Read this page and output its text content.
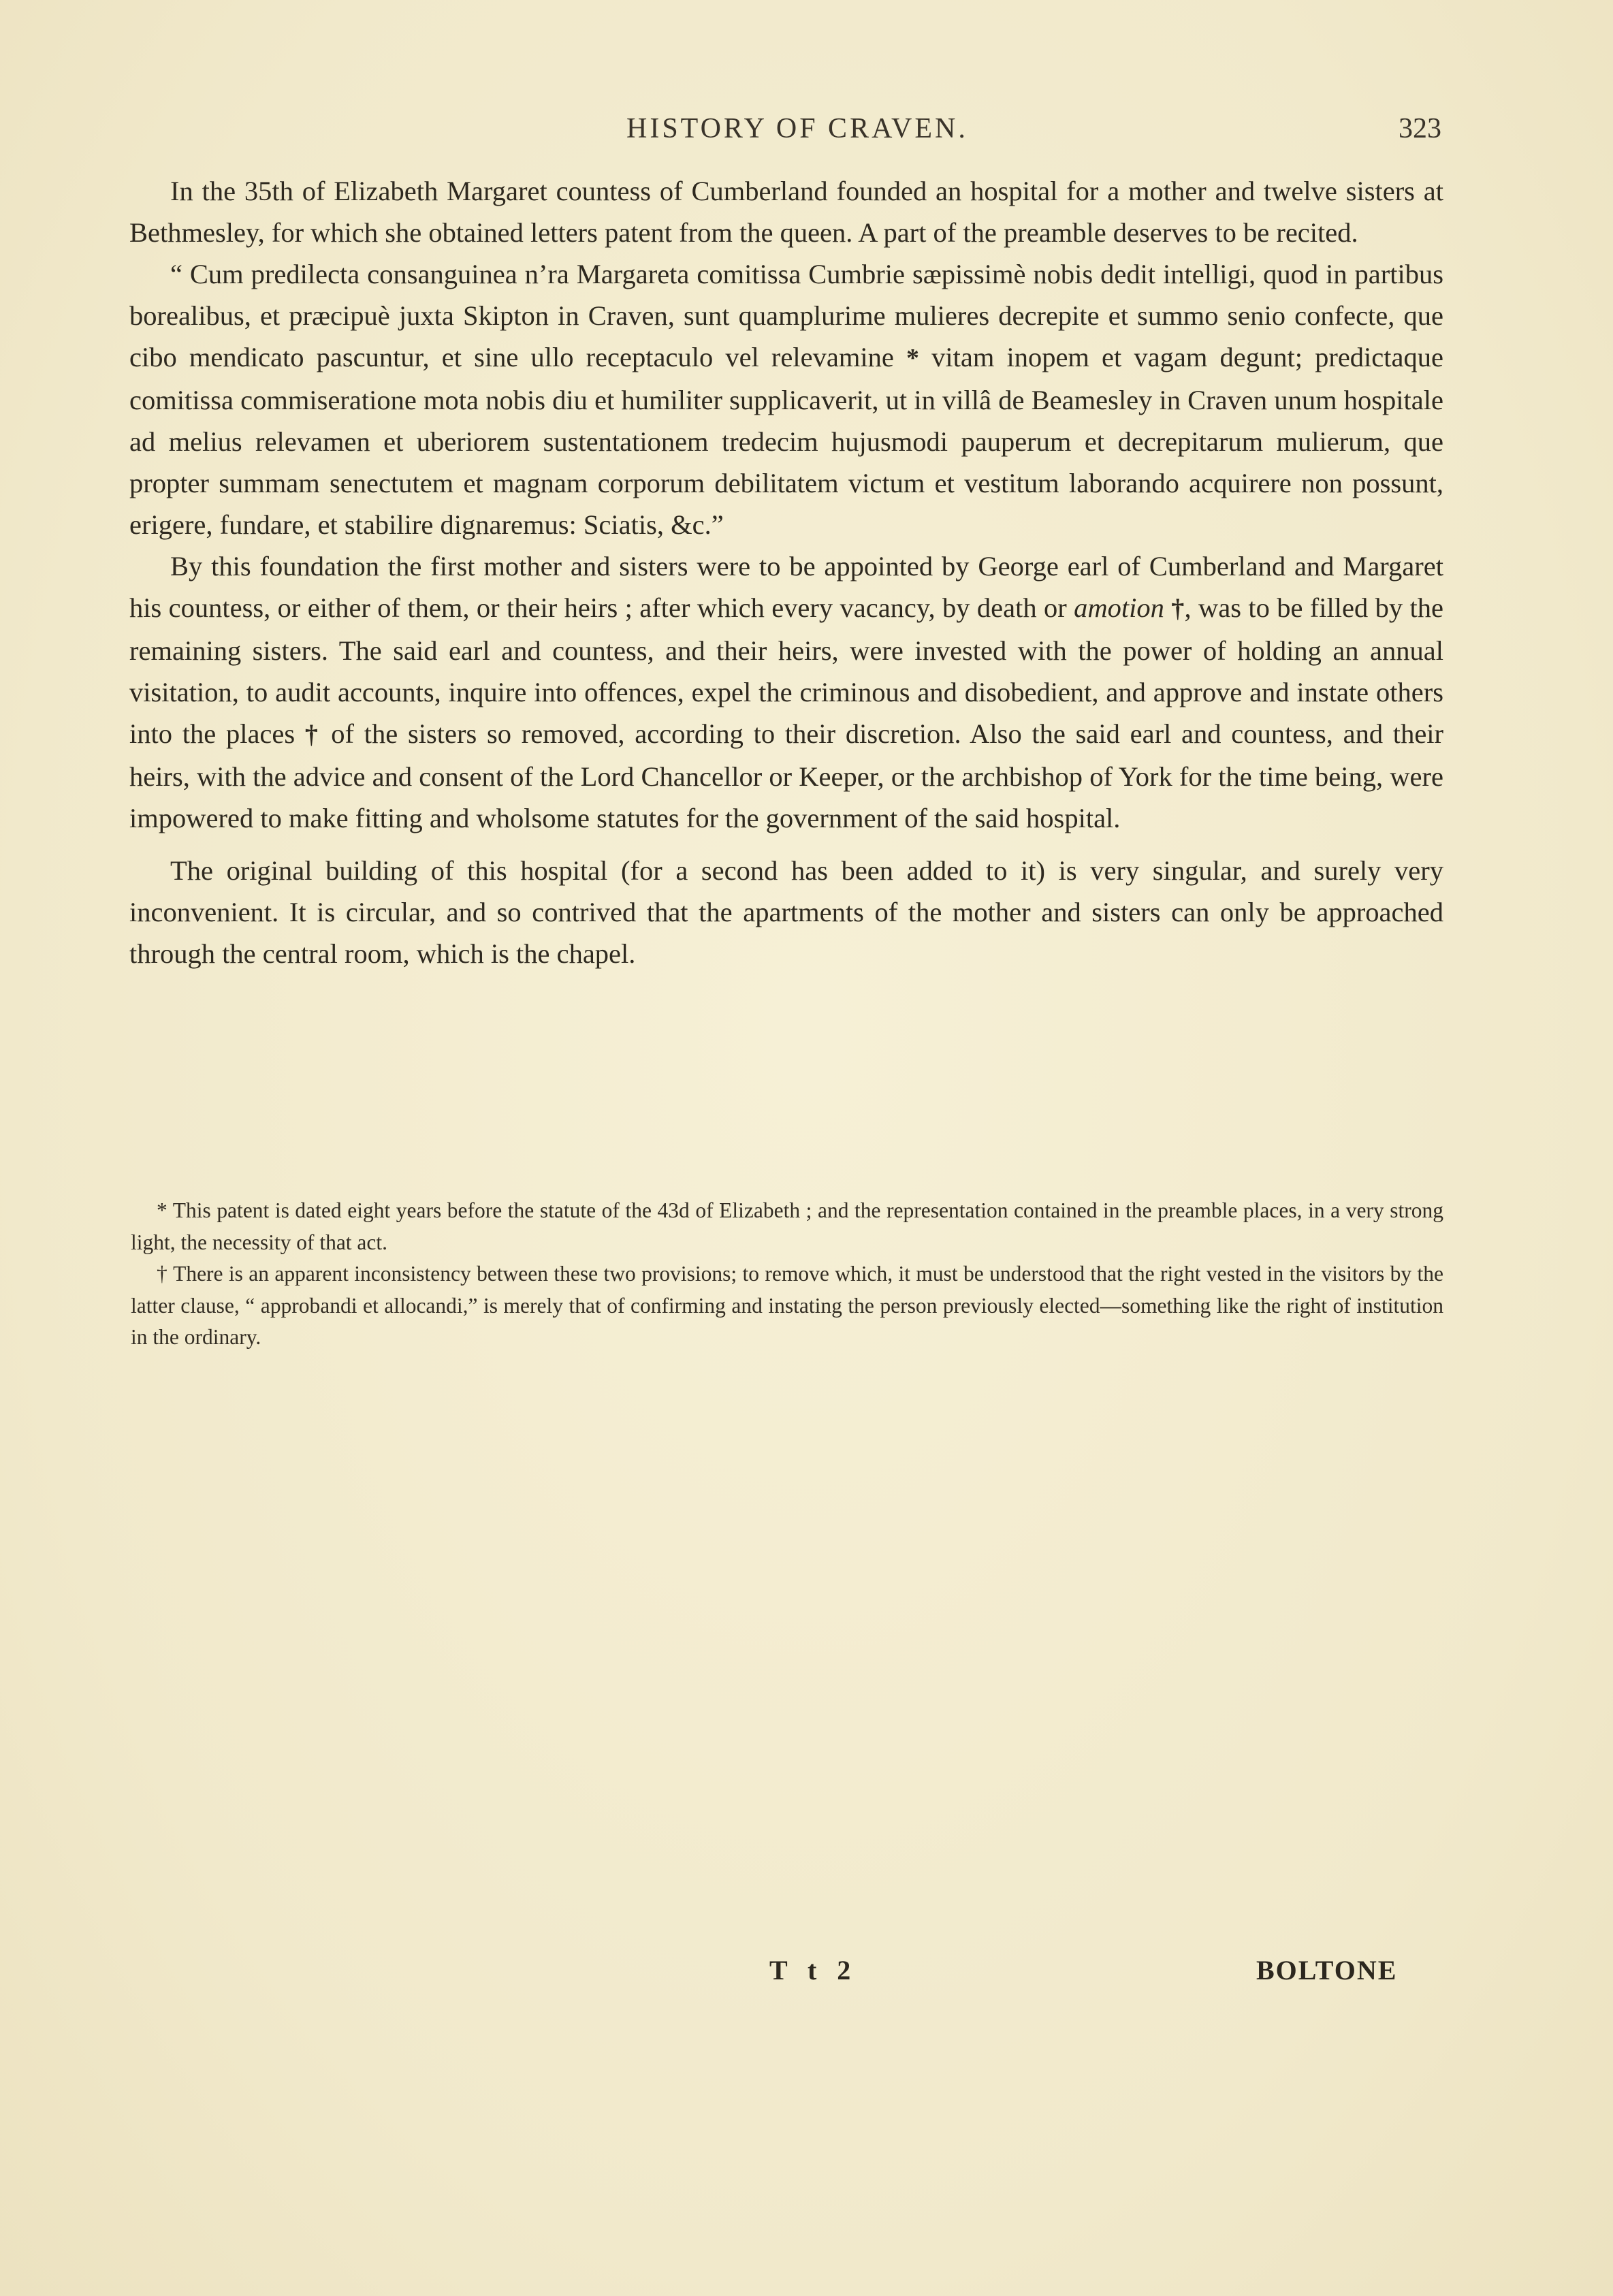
HISTORY OF CRAVEN.	323

In the 35th of Elizabeth Margaret countess of Cumberland founded an hospital for a mother and twelve sisters at Bethmesley, for which she obtained letters patent from the queen. A part of the preamble deserves to be recited.

“ Cum predilecta consanguinea n’ra Margareta comitissa Cumbrie sæpissimè nobis dedit intelligi, quod in partibus borealibus, et præcipuè juxta Skipton in Craven, sunt quamplurime mulieres decrepite et summo senio confecte, que cibo mendicato pascuntur, et sine ullo receptaculo vel relevamine * vitam inopem et vagam degunt; predictaque comitissa commiseratione mota nobis diu et humiliter supplicaverit, ut in villâ de Beamesley in Craven unum hospitale ad melius relevamen et uberiorem sustentationem tredecim hujusmodi pauperum et decrepitarum mulierum, que propter summam senectutem et magnam corporum debilitatem victum et vestitum laborando acquirere non possunt, erigere, fundare, et stabilire dignaremus: Sciatis, &c.”

By this foundation the first mother and sisters were to be appointed by George earl of Cumberland and Margaret his countess, or either of them, or their heirs ; after which every vacancy, by death or amotion †, was to be filled by the remaining sisters. The said earl and countess, and their heirs, were invested with the power of holding an annual visitation, to audit accounts, inquire into offences, expel the criminous and disobedient, and approve and instate others into the places † of the sisters so removed, according to their discretion. Also the said earl and countess, and their heirs, with the advice and consent of the Lord Chancellor or Keeper, or the archbishop of York for the time being, were impowered to make fitting and wholsome statutes for the government of the said hospital.

The original building of this hospital (for a second has been added to it) is very singular, and surely very inconvenient. It is circular, and so contrived that the apartments of the mother and sisters can only be approached through the central room, which is the chapel.

* This patent is dated eight years before the statute of the 43d of Elizabeth ; and the representation contained in the preamble places, in a very strong light, the necessity of that act.

† There is an apparent inconsistency between these two provisions; to remove which, it must be understood that the right vested in the visitors by the latter clause, “ approbandi et allocandi,” is merely that of confirming and instating the person previously elected—something like the right of institution in the ordinary.

T t 2	BOLTONE
